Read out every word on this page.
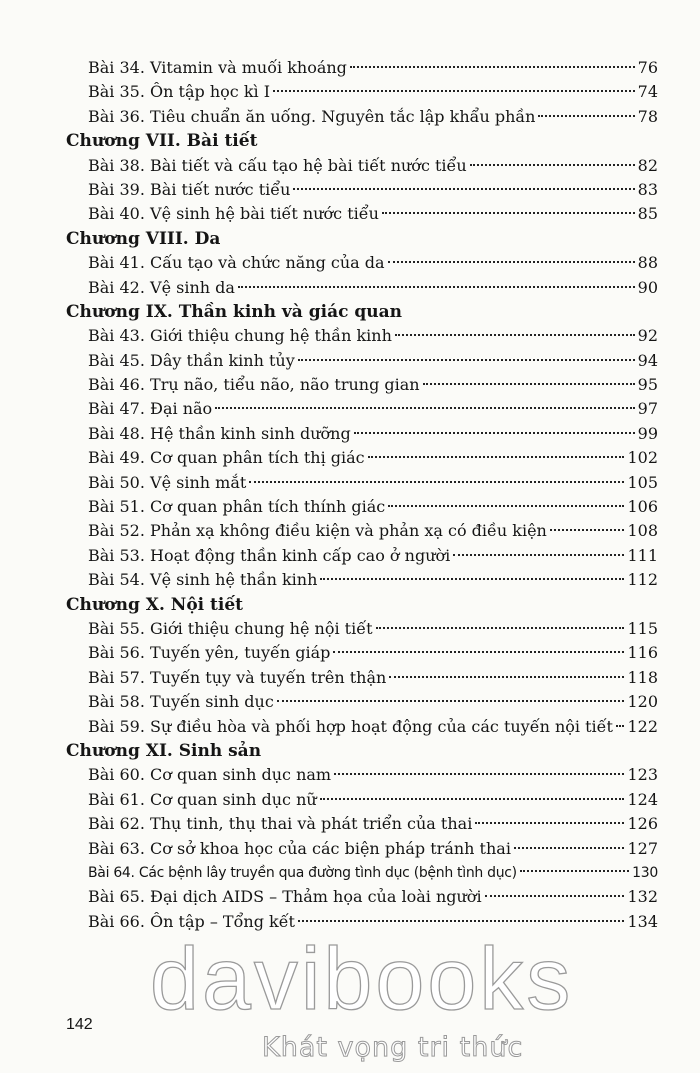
Bài 34. Vitamin và muối khoáng	76
Bài 35. Ôn tập học kì I	74
Bài 36. Tiêu chuẩn ăn uống. Nguyên tắc lập khẩu phần	78
Chương VII. Bài tiết
Bài 38. Bài tiết và cấu tạo hệ bài tiết nước tiểu	82
Bài 39. Bài tiết nước tiểu	83
Bài 40. Vệ sinh hệ bài tiết nước tiểu	85
Chương VIII. Da
Bài 41. Cấu tạo và chức năng của da	88
Bài 42. Vệ sinh da	90
Chương IX. Thần kinh và giác quan
Bài 43. Giới thiệu chung hệ thần kinh	92
Bài 45. Dây thần kinh tủy	94
Bài 46. Trụ não, tiểu não, não trung gian	95
Bài 47. Đại não	97
Bài 48. Hệ thần kinh sinh dưỡng	99
Bài 49. Cơ quan phân tích thị giác	102
Bài 50. Vệ sinh mắt	105
Bài 51. Cơ quan phân tích thính giác	106
Bài 52. Phản xạ không điều kiện và phản xạ có điều kiện	108
Bài 53. Hoạt động thần kinh cấp cao ở người	111
Bài 54. Vệ sinh hệ thần kinh	112
Chương X. Nội tiết
Bài 55. Giới thiệu chung hệ nội tiết	115
Bài 56. Tuyến yên, tuyến giáp	116
Bài 57. Tuyến tụy và tuyến trên thận	118
Bài 58. Tuyến sinh dục	120
Bài 59. Sự điều hòa và phối hợp hoạt động của các tuyến nội tiết 122
Chương XI. Sinh sản
Bài 60. Cơ quan sinh dục nam	123
Bài 61. Cơ quan sinh dục nữ	124
Bài 62. Thụ tinh, thụ thai và phát triển của thai	126
Bài 63. Cơ sở khoa học của các biện pháp tránh thai	127
Bài 64. Các bệnh lây truyền qua đường tình dục (bệnh tình dục)	130
Bài 65. Đại dịch AIDS – Thảm họa của loài người	132
Bài 66. Ôn tập – Tổng kết	134
142 davibooks
Khát vọng tri thức
